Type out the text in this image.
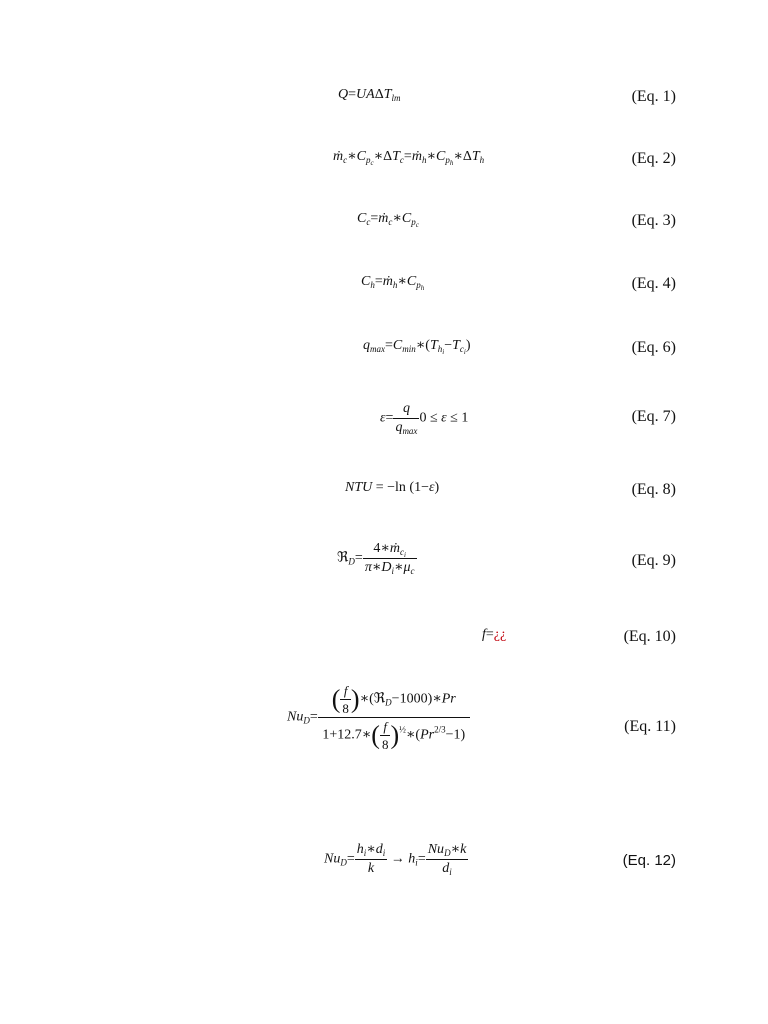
$Q=UA\Delta T_{lm}$	(Eq. 1)
$ṁ_c∗C_{p_c}∗\Delta T_c=ṁ_h∗C_{p_h}∗\Delta T_h$	(Eq. 2)
$C_c=ṁ_c∗C_{p_c}$	(Eq. 3)
$C_h=ṁ_h∗C_{p_h}$	(Eq. 4)
$q_{max}=C_{min}∗(T_{h_i}-T_{c_i})$	(Eq. 6)
$\varepsilon= \frac{q}{q_{max}} 0 \le \varepsilon \le 1$	(Eq. 7)
NTU = −ln (1−ε)	(Eq. 8)
ℜ$_D$= $\frac{4∗ṁ_{c_i}}{\pi∗D_i∗\mu_c}$	(Eq. 9)
f=¿¿	(Eq. 10)
$Nu_D= \frac{( \frac{f}{8} )∗(ℜ_D-1000)∗Pr}{1+12.7∗( \frac{f}{8} )^{\frac{1}{2}}∗(Pr^{2/3}-1)}$	(Eq. 11)
$Nu_D= \frac{h_i∗d_i}{k} \to h_i= \frac{Nu_D∗k}{d_i}$	(Eq. 12)
